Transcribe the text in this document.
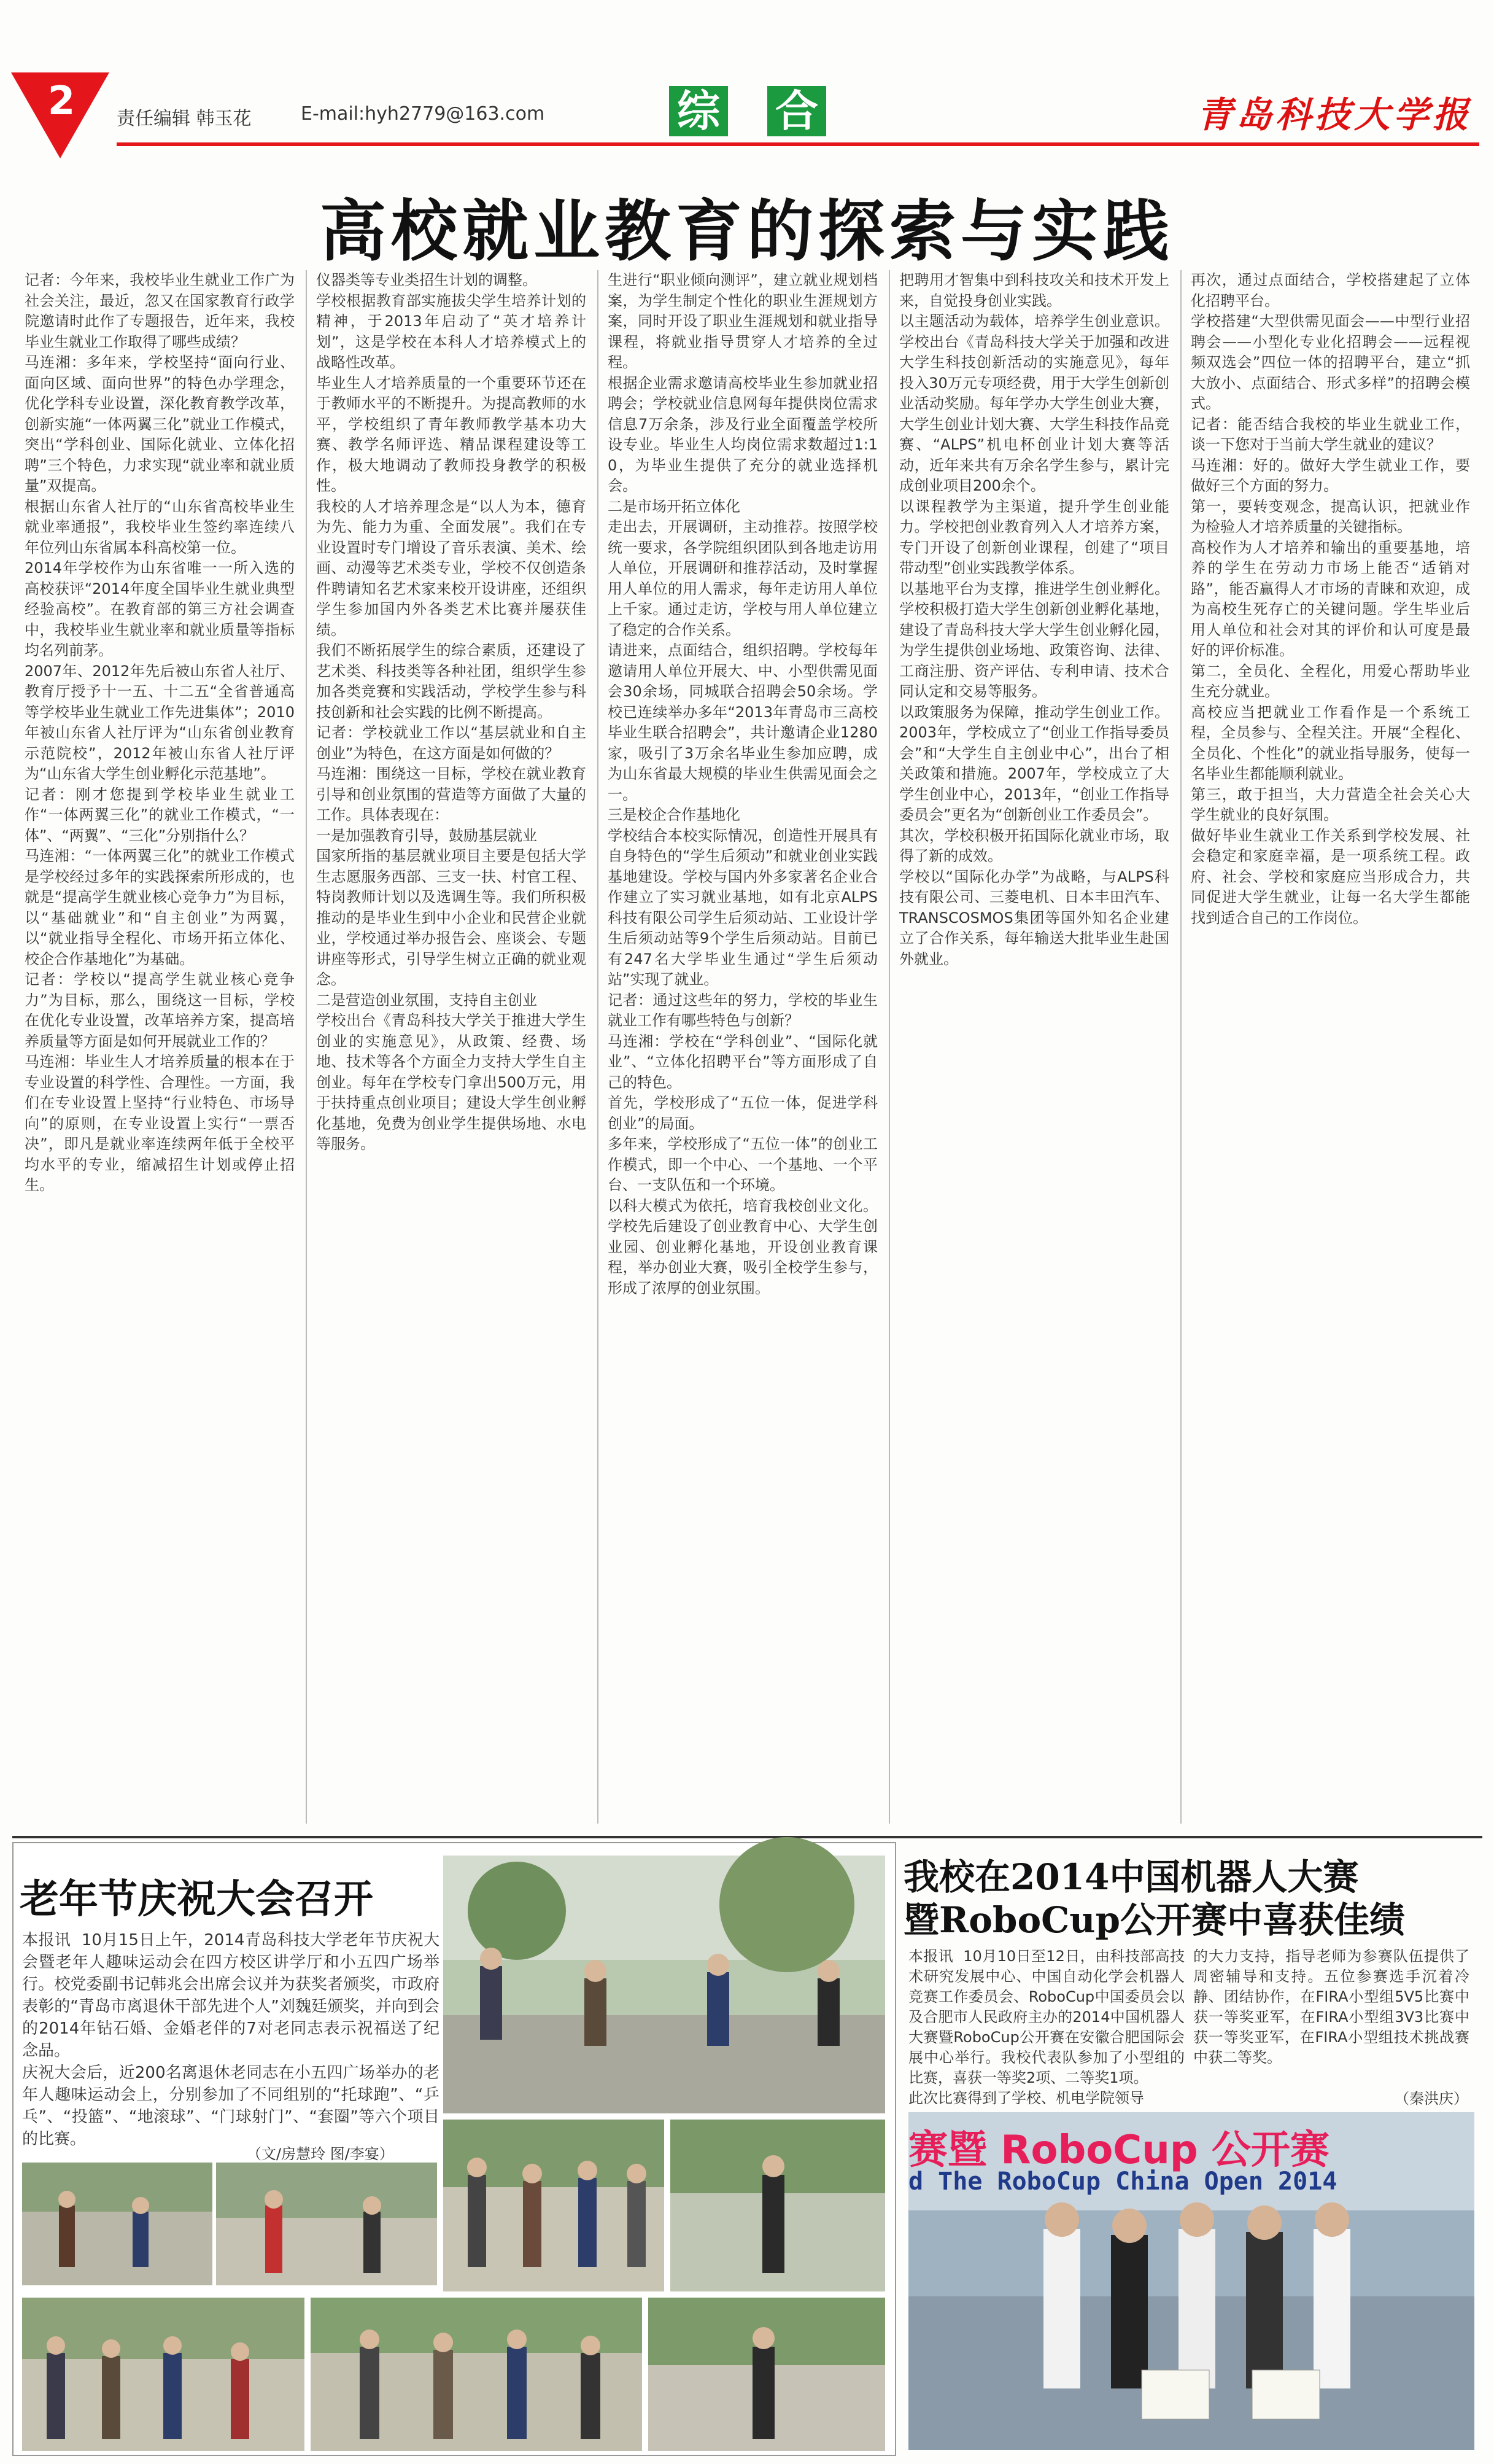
2 责任编辑 韩玉花	E-mail:hyh2779@163.com	综 合	青岛科技大学报
高校就业教育的探索与实践
记者：今年来，我校毕业生就业工作广为社会关注，最近，忽又在国家教育行政学院邀请时此作了专题报告，近年来，我校毕业生就业工作取得了哪些成绩？
马连湘：多年来，学校坚持“面向行业、面向区域、面向世界”的特色办学理念，优化学科专业设置，深化教育教学改革，创新实施“一体两翼三化”就业工作模式，突出“学科创业、国际化就业、立体化招聘”三个特色，力求实现“就业率和就业质量”双提高。
根据山东省人社厅的“山东省高校毕业生就业率通报”，我校毕业生签约率连续八年位列山东省属本科高校第一位。
2014年学校作为山东省唯一一所入选的高校获评“2014年度全国毕业生就业典型经验高校”。在教育部的第三方社会调查中，我校毕业生就业率和就业质量等指标均名列前茅。
2007年、2012年先后被山东省人社厅、教育厅授予十一五、十二五“全省普通高等学校毕业生就业工作先进集体”；2010年被山东省人社厅评为“山东省创业教育示范院校”，2012年被山东省人社厅评为“山东省大学生创业孵化示范基地”。
记者：刚才您提到学校毕业生就业工作“一体两翼三化”的就业工作模式，“一体”、“两翼”、“三化”分别指什么？
马连湘：“一体两翼三化”的就业工作模式是学校经过多年的实践探索所形成的，也就是“提高学生就业核心竞争力”为目标，以“基础就业”和“自主创业”为两翼，以“就业指导全程化、市场开拓立体化、校企合作基地化”为基础。
记者：学校以“提高学生就业核心竞争力”为目标，那么，围绕这一目标，学校在优化专业设置，改革培养方案，提高培养质量等方面是如何开展就业工作的？
马连湘：毕业生人才培养质量的根本在于专业设置的科学性、合理性。一方面，我们在专业设置上坚持“行业特色、市场导向”的原则，在专业设置上实行“一票否决”，即凡是就业率连续两年低于全校平均水平的专业，缩减招生计划或停止招生。
仪器类等专业类招生计划的调整。
学校根据教育部实施拔尖学生培养计划的精神，于2013年启动了“英才培养计划”，这是学校在本科人才培养模式上的战略性改革。
毕业生人才培养质量的一个重要环节还在于教师水平的不断提升。为提高教师的水平，学校组织了青年教师教学基本功大赛、教学名师评选、精品课程建设等工作，极大地调动了教师投身教学的积极性。
我校的人才培养理念是“以人为本，德育为先、能力为重、全面发展”。我们在专业设置时专门增设了音乐表演、美术、绘画、动漫等艺术类专业，学校不仅创造条件聘请知名艺术家来校开设讲座，还组织学生参加国内外各类艺术比赛并屡获佳绩。
我们不断拓展学生的综合素质，还建设了艺术类、科技类等各种社团，组织学生参加各类竞赛和实践活动，学校学生参与科技创新和社会实践的比例不断提高。
记者：学校就业工作以“基层就业和自主创业”为特色，在这方面是如何做的？
马连湘：围绕这一目标，学校在就业教育引导和创业氛围的营造等方面做了大量的工作。具体表现在：
一是加强教育引导，鼓励基层就业
国家所指的基层就业项目主要是包括大学生志愿服务西部、三支一扶、村官工程、特岗教师计划以及选调生等。我们所积极推动的是毕业生到中小企业和民营企业就业，学校通过举办报告会、座谈会、专题讲座等形式，引导学生树立正确的就业观念。
二是营造创业氛围，支持自主创业
学校出台《青岛科技大学关于推进大学生创业的实施意见》，从政策、经费、场地、技术等各个方面全力支持大学生自主创业。每年在学校专门拿出500万元，用于扶持重点创业项目；建设大学生创业孵化基地，免费为创业学生提供场地、水电等服务。
生进行“职业倾向测评”，建立就业规划档案，为学生制定个性化的职业生涯规划方案，同时开设了职业生涯规划和就业指导课程，将就业指导贯穿人才培养的全过程。
根据企业需求邀请高校毕业生参加就业招聘会；学校就业信息网每年提供岗位需求信息7万余条，涉及行业全面覆盖学校所设专业。毕业生人均岗位需求数超过1:10，为毕业生提供了充分的就业选择机会。
二是市场开拓立体化
走出去，开展调研，主动推荐。按照学校统一要求，各学院组织团队到各地走访用人单位，开展调研和推荐活动，及时掌握用人单位的用人需求，每年走访用人单位上千家。通过走访，学校与用人单位建立了稳定的合作关系。
请进来，点面结合，组织招聘。学校每年邀请用人单位开展大、中、小型供需见面会30余场，同城联合招聘会50余场。学校已连续举办多年“2013年青岛市三高校毕业生联合招聘会”，共计邀请企业1280家，吸引了3万余名毕业生参加应聘，成为山东省最大规模的毕业生供需见面会之一。
三是校企合作基地化
学校结合本校实际情况，创造性开展具有自身特色的“学生后须动”和就业创业实践基地建设。学校与国内外多家著名企业合作建立了实习就业基地，如有北京ALPS科技有限公司学生后须动站、工业设计学生后须动站等9个学生后须动站。目前已有247名大学毕业生通过“学生后须动站”实现了就业。
记者：通过这些年的努力，学校的毕业生就业工作有哪些特色与创新？
马连湘：学校在“学科创业”、“国际化就业”、“立体化招聘平台”等方面形成了自己的特色。
首先，学校形成了“五位一体，促进学科创业”的局面。
多年来，学校形成了“五位一体”的创业工作模式，即一个中心、一个基地、一个平台、一支队伍和一个环境。
以科大模式为依托，培育我校创业文化。学校先后建设了创业教育中心、大学生创业园、创业孵化基地，开设创业教育课程，举办创业大赛，吸引全校学生参与，形成了浓厚的创业氛围。
把聘用才智集中到科技攻关和技术开发上来，自觉投身创业实践。
以主题活动为载体，培养学生创业意识。学校出台《青岛科技大学关于加强和改进大学生科技创新活动的实施意见》，每年投入30万元专项经费，用于大学生创新创业活动奖励。每年学办大学生创业大赛，大学生创业计划大赛、大学生科技作品竞赛、“ALPS”机电杯创业计划大赛等活动，近年来共有万余名学生参与，累计完成创业项目200余个。
以课程教学为主渠道，提升学生创业能力。学校把创业教育列入人才培养方案，专门开设了创新创业课程，创建了“项目带动型”创业实践教学体系。
以基地平台为支撑，推进学生创业孵化。学校积极打造大学生创新创业孵化基地，建设了青岛科技大学大学生创业孵化园，为学生提供创业场地、政策咨询、法律、工商注册、资产评估、专利申请、技术合同认定和交易等服务。
以政策服务为保障，推动学生创业工作。2003年，学校成立了“创业工作指导委员会”和“大学生自主创业中心”，出台了相关政策和措施。2007年，学校成立了大学生创业中心，2013年，“创业工作指导委员会”更名为“创新创业工作委员会”。
其次，学校积极开拓国际化就业市场，取得了新的成效。
学校以“国际化办学”为战略，与ALPS科技有限公司、三菱电机、日本丰田汽车、TRANSCOSMOS集团等国外知名企业建立了合作关系，每年输送大批毕业生赴国外就业。
再次，通过点面结合，学校搭建起了立体化招聘平台。
学校搭建“大型供需见面会——中型行业招聘会——小型化专业化招聘会——远程视频双选会”四位一体的招聘平台，建立“抓大放小、点面结合、形式多样”的招聘会模式。
记者：能否结合我校的毕业生就业工作，谈一下您对于当前大学生就业的建议？
马连湘：好的。做好大学生就业工作，要做好三个方面的努力。
第一，要转变观念，提高认识，把就业作为检验人才培养质量的关键指标。
高校作为人才培养和输出的重要基地，培养的学生在劳动力市场上能否“适销对路”，能否赢得人才市场的青睐和欢迎，成为高校生死存亡的关键问题。学生毕业后用人单位和社会对其的评价和认可度是最好的评价标准。
第二，全员化、全程化，用爱心帮助毕业生充分就业。
高校应当把就业工作看作是一个系统工程，全员参与、全程关注。开展“全程化、全员化、个性化”的就业指导服务，使每一名毕业生都能顺利就业。
第三，敢于担当，大力营造全社会关心大学生就业的良好氛围。
做好毕业生就业工作关系到学校发展、社会稳定和家庭幸福，是一项系统工程。政府、社会、学校和家庭应当形成合力，共同促进大学生就业，让每一名大学生都能找到适合自己的工作岗位。
老年节庆祝大会召开
本报讯  10月15日上午，2014青岛科技大学老年节庆祝大会暨老年人趣味运动会在四方校区讲学厅和小五四广场举行。校党委副书记韩兆会出席会议并为获奖者颁奖，市政府表彰的“青岛市离退休干部先进个人”刘魏廷颁奖，并向到会的2014年钻石婚、金婚老伴的7对老同志表示祝福送了纪念品。
庆祝大会后，近200名离退休老同志在小五四广场举办的老年人趣味运动会上，分别参加了不同组别的“托球跑”、“乒乓”、“投篮”、“地滚球”、“门球射门”、“套圈”等六个项目的比赛。
（文/房慧玲 图/李宴）
我校在2014中国机器人大赛
暨RoboCup公开赛中喜获佳绩
本报讯  10月10日至12日，由科技部高技术研究发展中心、中国自动化学会机器人竞赛工作委员会、RoboCup中国委员会以及合肥市人民政府主办的2014中国机器人大赛暨RoboCup公开赛在安徽合肥国际会展中心举行。我校代表队参加了小型组的比赛，喜获一等奖2项、二等奖1项。
此次比赛得到了学校、机电学院领导
的大力支持，指导老师为参赛队伍提供了周密辅导和支持。五位参赛选手沉着冷静、团结协作，在FIRA小型组5V5比赛中获一等奖亚军，在FIRA小型组3V3比赛中获一等奖亚军，在FIRA小型组技术挑战赛中获二等奖。
（秦洪庆）
赛暨 RoboCup 公开赛
d The RoboCup China Open 2014
